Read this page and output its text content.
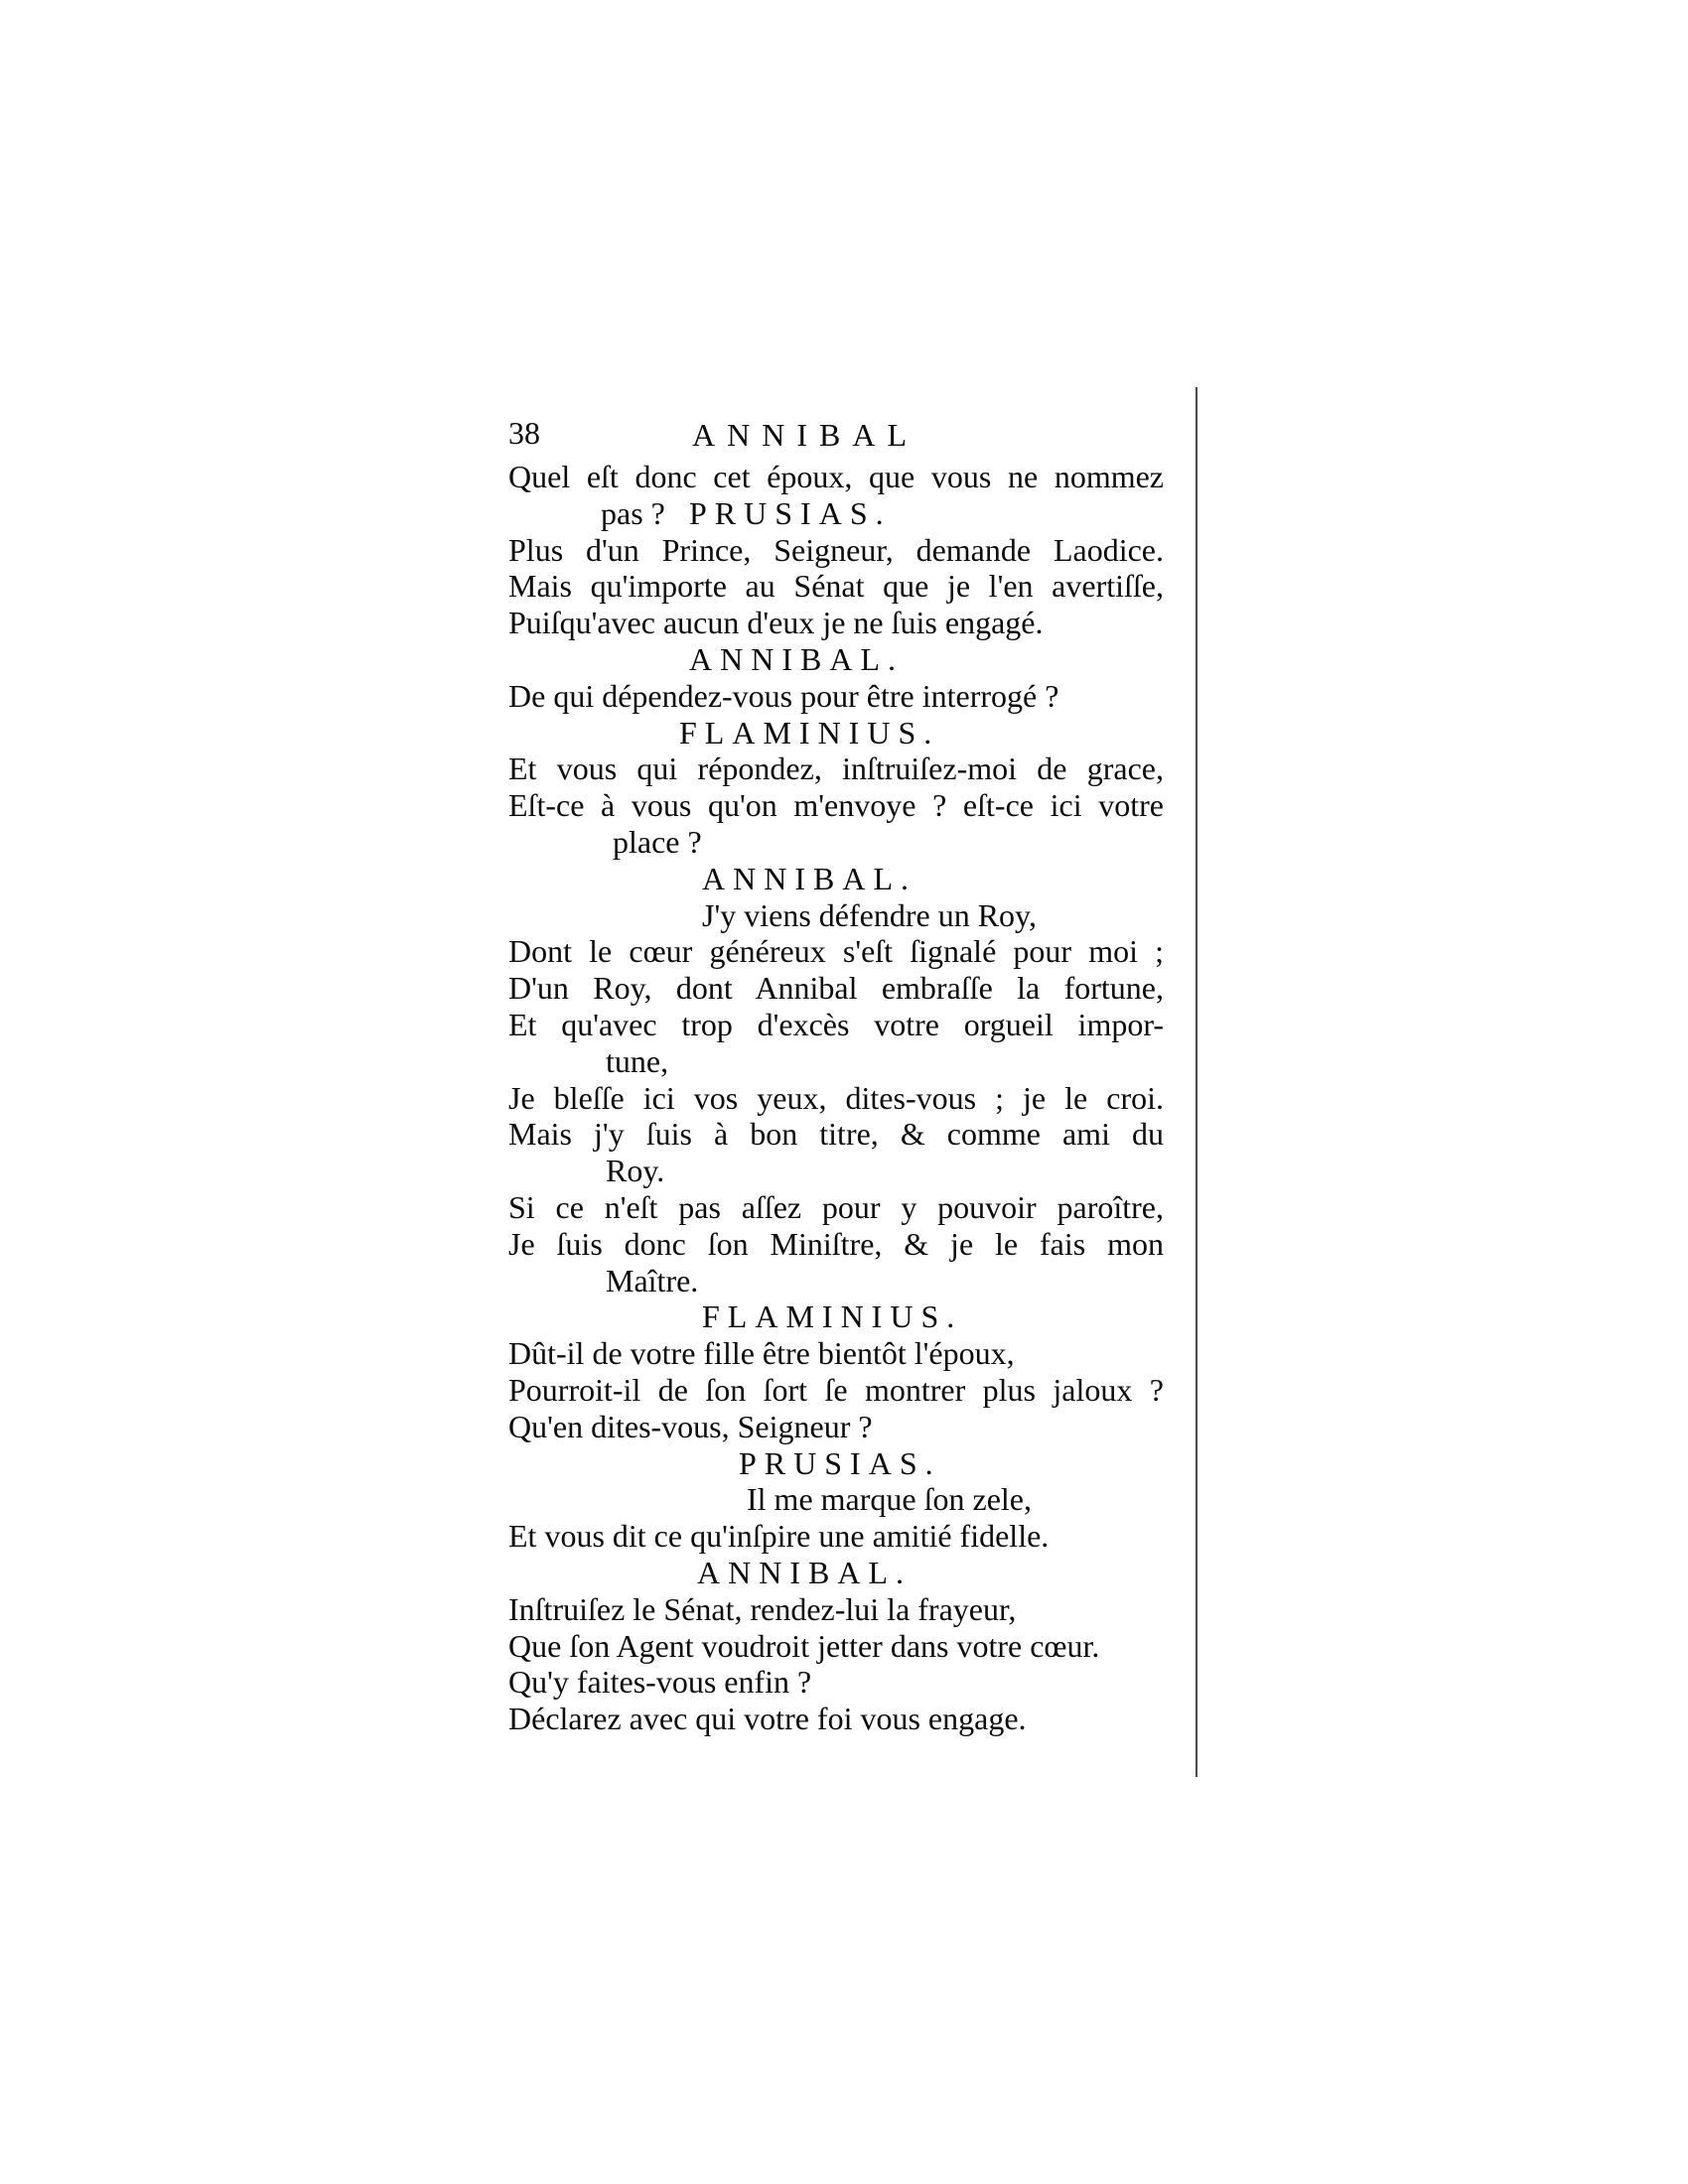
38	ANNIBAL
Quel eſt donc cet époux, que vous ne nommez
pas ? PRUSIAS.
Plus d'un Prince, Seigneur, demande Laodice.
Mais qu'importe au Sénat que je l'en avertiſſe,
Puiſqu'avec aucun d'eux je ne ſuis engagé.
ANNIBAL.
De qui dépendez-vous pour être interrogé ?
FLAMINIUS.
Et vous qui répondez, inſtruiſez-moi de grace,
Eſt-ce à vous qu'on m'envoye ? eſt-ce ici votre
place ?
ANNIBAL.
J'y viens défendre un Roy,
Dont le cœur généreux s'eſt ſignalé pour moi ;
D'un Roy, dont Annibal embraſſe la fortune,
Et qu'avec trop d'excès votre orgueil impor-
tune,
Je bleſſe ici vos yeux, dites-vous ; je le croi.
Mais j'y ſuis à bon titre, & comme ami du
Roy.
Si ce n'eſt pas aſſez pour y pouvoir paroître,
Je ſuis donc ſon Miniſtre, & je le fais mon
Maître.
FLAMINIUS.
Dût-il de votre fille être bientôt l'époux,
Pourroit-il de ſon ſort ſe montrer plus jaloux ?
Qu'en dites-vous, Seigneur ?
PRUSIAS.
Il me marque ſon zele,
Et vous dit ce qu'inſpire une amitié fidelle.
ANNIBAL.
Inſtruiſez le Sénat, rendez-lui la frayeur,
Que ſon Agent voudroit jetter dans votre cœur.
Qu'y faites-vous enfin ?
Déclarez avec qui votre foi vous engage.
